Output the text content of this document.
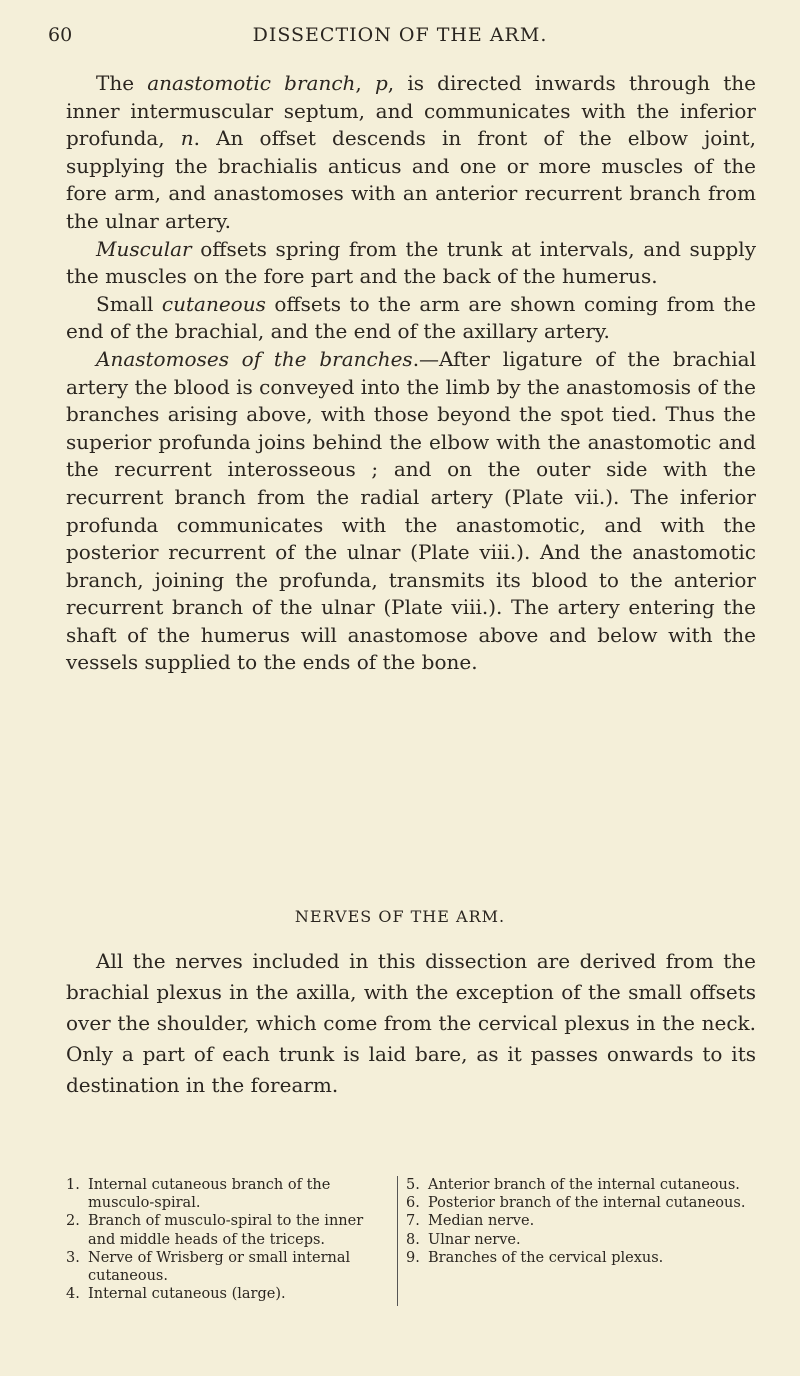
60	DISSECTION OF THE ARM.

The anastomotic branch, p, is directed inwards through the inner intermuscular septum, and communicates with the inferior profunda, n. An offset descends in front of the elbow joint, supplying the brachialis anticus and one or more muscles of the fore arm, and anastomoses with an anterior recurrent branch from the ulnar artery.

Muscular offsets spring from the trunk at intervals, and supply the muscles on the fore part and the back of the humerus.

Small cutaneous offsets to the arm are shown coming from the end of the brachial, and the end of the axillary artery.

Anastomoses of the branches.—After ligature of the brachial artery the blood is conveyed into the limb by the anastomosis of the branches arising above, with those beyond the spot tied. Thus the superior profunda joins behind the elbow with the anastomotic and the recurrent interosseous ; and on the outer side with the recurrent branch from the radial artery (Plate vii.). The inferior profunda communicates with the anastomotic, and with the posterior recurrent of the ulnar (Plate viii.). And the anastomotic branch, joining the profunda, transmits its blood to the anterior recurrent branch of the ulnar (Plate viii.). The artery entering the shaft of the humerus will anastomose above and below with the vessels supplied to the ends of the bone.

NERVES OF THE ARM.

All the nerves included in this dissection are derived from the brachial plexus in the axilla, with the exception of the small offsets over the shoulder, which come from the cervical plexus in the neck. Only a part of each trunk is laid bare, as it passes onwards to its destination in the forearm.

1. Internal cutaneous branch of the musculo-spiral.

2. Branch of musculo-spiral to the inner and middle heads of the triceps.

3. Nerve of Wrisberg or small internal cutaneous.

4. Internal cutaneous (large).

5. Anterior branch of the internal cutaneous.

6. Posterior branch of the internal cutaneous.

7. Median nerve.

8. Ulnar nerve.

9. Branches of the cervical plexus.
